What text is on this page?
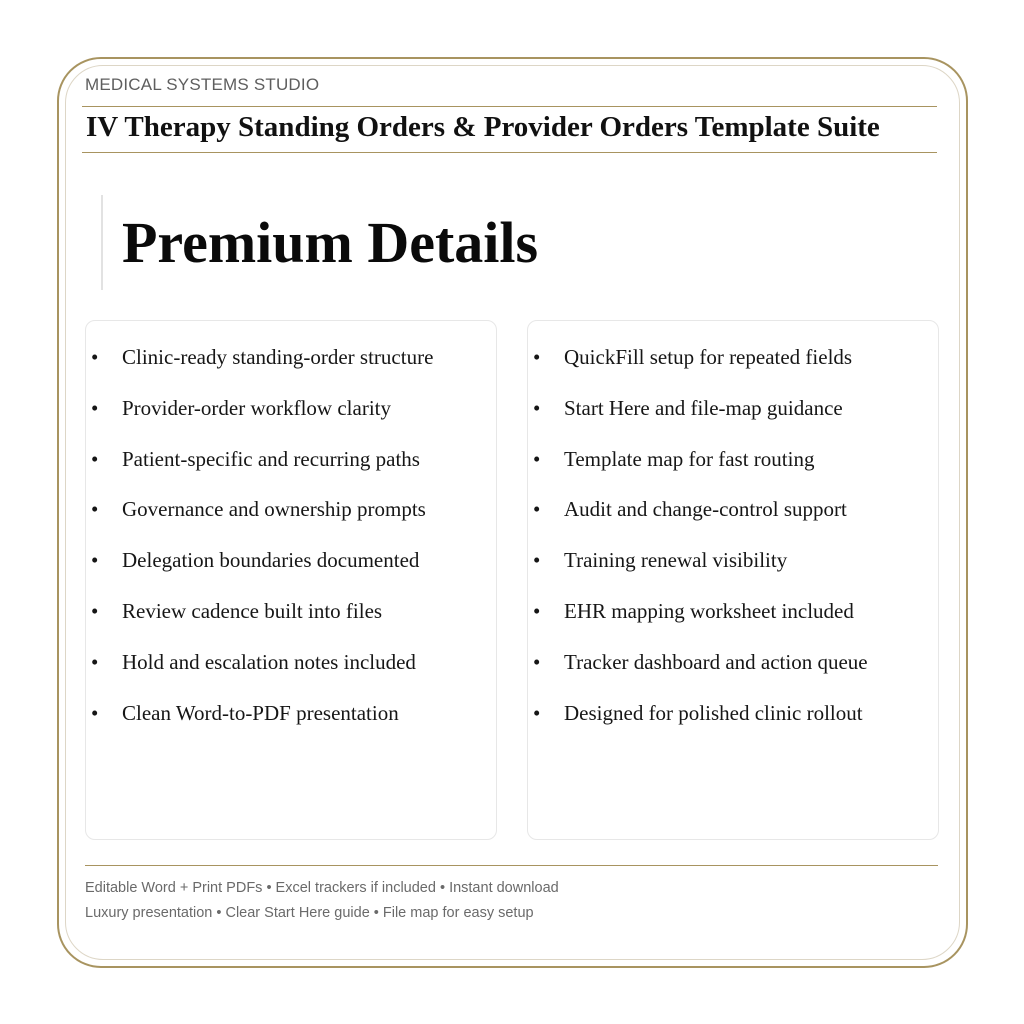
MEDICAL SYSTEMS STUDIO
IV Therapy Standing Orders & Provider Orders Template Suite
Premium Details
• Clinic-ready standing-order structure
• Provider-order workflow clarity
• Patient-specific and recurring paths
• Governance and ownership prompts
• Delegation boundaries documented
• Review cadence built into files
• Hold and escalation notes included
• Clean Word-to-PDF presentation
• QuickFill setup for repeated fields
• Start Here and file-map guidance
• Template map for fast routing
• Audit and change-control support
• Training renewal visibility
• EHR mapping worksheet included
• Tracker dashboard and action queue
• Designed for polished clinic rollout
Editable Word + Print PDFs • Excel trackers if included • Instant download
Luxury presentation • Clear Start Here guide • File map for easy setup
